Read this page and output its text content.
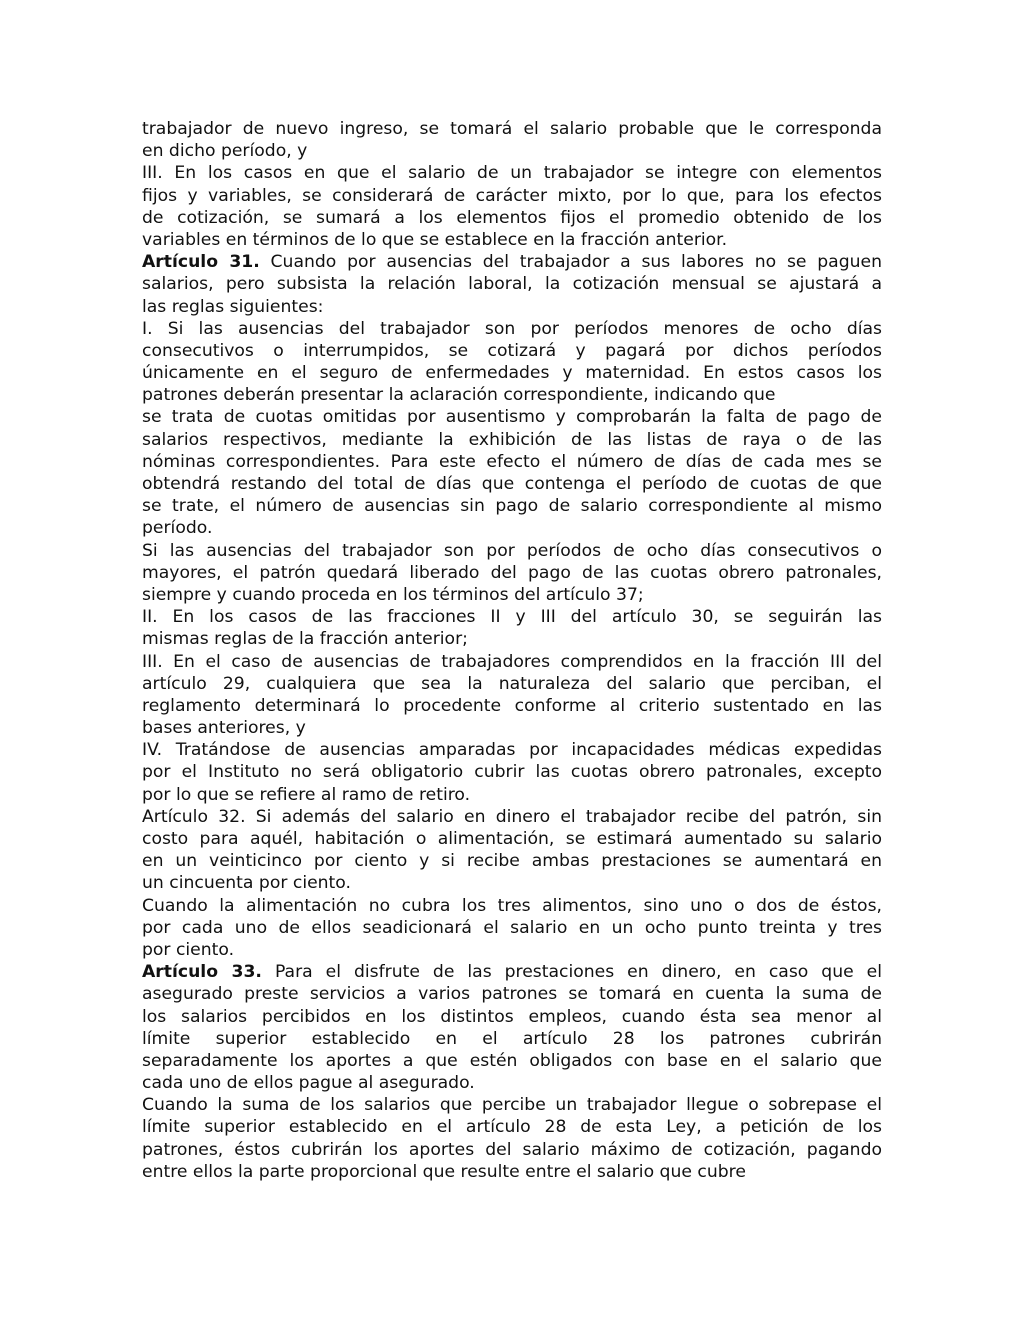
trabajador de nuevo ingreso, se tomará el salario probable que le corresponda
en dicho período, y
III. En los casos en que el salario de un trabajador se integre con elementos
fijos y variables, se considerará de carácter mixto, por lo que, para los efectos
de cotización, se sumará a los elementos fijos el promedio obtenido de los
variables en términos de lo que se establece en la fracción anterior.
Artículo 31. Cuando por ausencias del trabajador a sus labores no se paguen
salarios, pero subsista la relación laboral, la cotización mensual se ajustará a
las reglas siguientes:
I. Si las ausencias del trabajador son por períodos menores de ocho días
consecutivos o interrumpidos, se cotizará y pagará por dichos períodos
únicamente en el seguro de enfermedades y maternidad. En estos casos los
patrones deberán presentar la aclaración correspondiente, indicando que
se trata de cuotas omitidas por ausentismo y comprobarán la falta de pago de
salarios respectivos, mediante la exhibición de las listas de raya o de las
nóminas correspondientes. Para este efecto el número de días de cada mes se
obtendrá restando del total de días que contenga el período de cuotas de que
se trate, el número de ausencias sin pago de salario correspondiente al mismo
período.
Si las ausencias del trabajador son por períodos de ocho días consecutivos o
mayores, el patrón quedará liberado del pago de las cuotas obrero patronales,
siempre y cuando proceda en los términos del artículo 37;
II. En los casos de las fracciones II y III del artículo 30, se seguirán las
mismas reglas de la fracción anterior;
III. En el caso de ausencias de trabajadores comprendidos en la fracción III del
artículo 29, cualquiera que sea la naturaleza del salario que perciban, el
reglamento determinará lo procedente conforme al criterio sustentado en las
bases anteriores, y
IV. Tratándose de ausencias amparadas por incapacidades médicas expedidas
por el Instituto no será obligatorio cubrir las cuotas obrero patronales, excepto
por lo que se refiere al ramo de retiro.
Artículo 32. Si además del salario en dinero el trabajador recibe del patrón, sin
costo para aquél, habitación o alimentación, se estimará aumentado su salario
en un veinticinco por ciento y si recibe ambas prestaciones se aumentará en
un cincuenta por ciento.
Cuando la alimentación no cubra los tres alimentos, sino uno o dos de éstos,
por cada uno de ellos seadicionará el salario en un ocho punto treinta y tres
por ciento.
Artículo 33. Para el disfrute de las prestaciones en dinero, en caso que el
asegurado preste servicios a varios patrones se tomará en cuenta la suma de
los salarios percibidos en los distintos empleos, cuando ésta sea menor al
límite superior establecido en el artículo 28 los patrones cubrirán
separadamente los aportes a que estén obligados con base en el salario que
cada uno de ellos pague al asegurado.
Cuando la suma de los salarios que percibe un trabajador llegue o sobrepase el
límite superior establecido en el artículo 28 de esta Ley, a petición de los
patrones, éstos cubrirán los aportes del salario máximo de cotización, pagando
entre ellos la parte proporcional que resulte entre el salario que cubre
